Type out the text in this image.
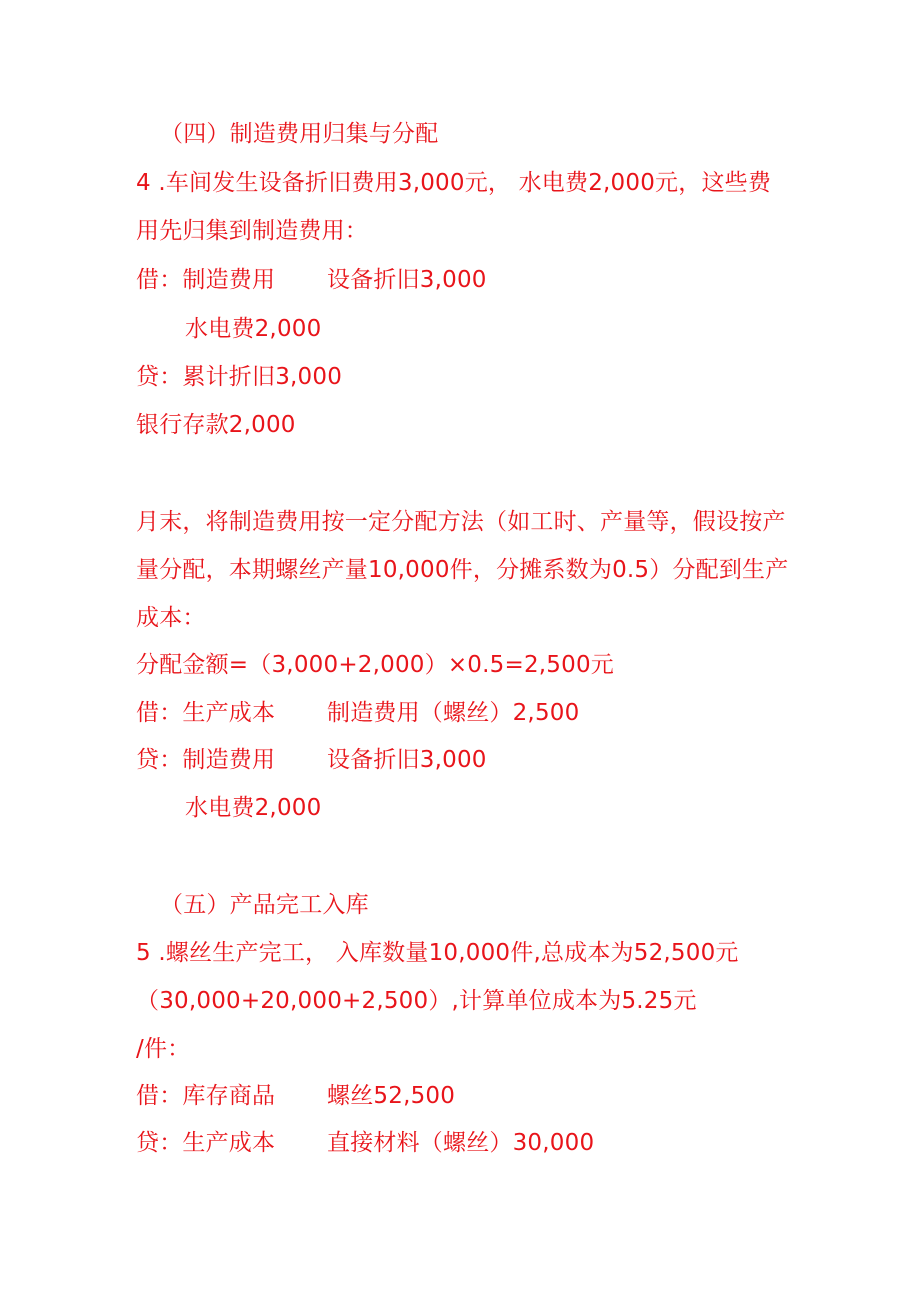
（四）制造费用归集与分配
4 .车间发生设备折旧费用3,000元， 水电费2,000元，这些费
用先归集到制造费用：
借：制造费用 设备折旧3,000
水电费2,000
贷：累计折旧3,000
银行存款2,000
月末，将制造费用按一定分配方法（如工时、产量等，假设按产
量分配，本期螺丝产量10,000件，分摊系数为0.5）分配到生产
成本：
分配金额=（3,000+2,000）×0.5=2,500元
借：生产成本 制造费用（螺丝）2,500
贷：制造费用 设备折旧3,000
水电费2,000
（五）产品完工入库
5 .螺丝生产完工， 入库数量10,000件,总成本为52,500元
（30,000+20,000+2,500）,计算单位成本为5.25元
/件：
借：库存商品 螺丝52,500
贷：生产成本 直接材料（螺丝）30,000
